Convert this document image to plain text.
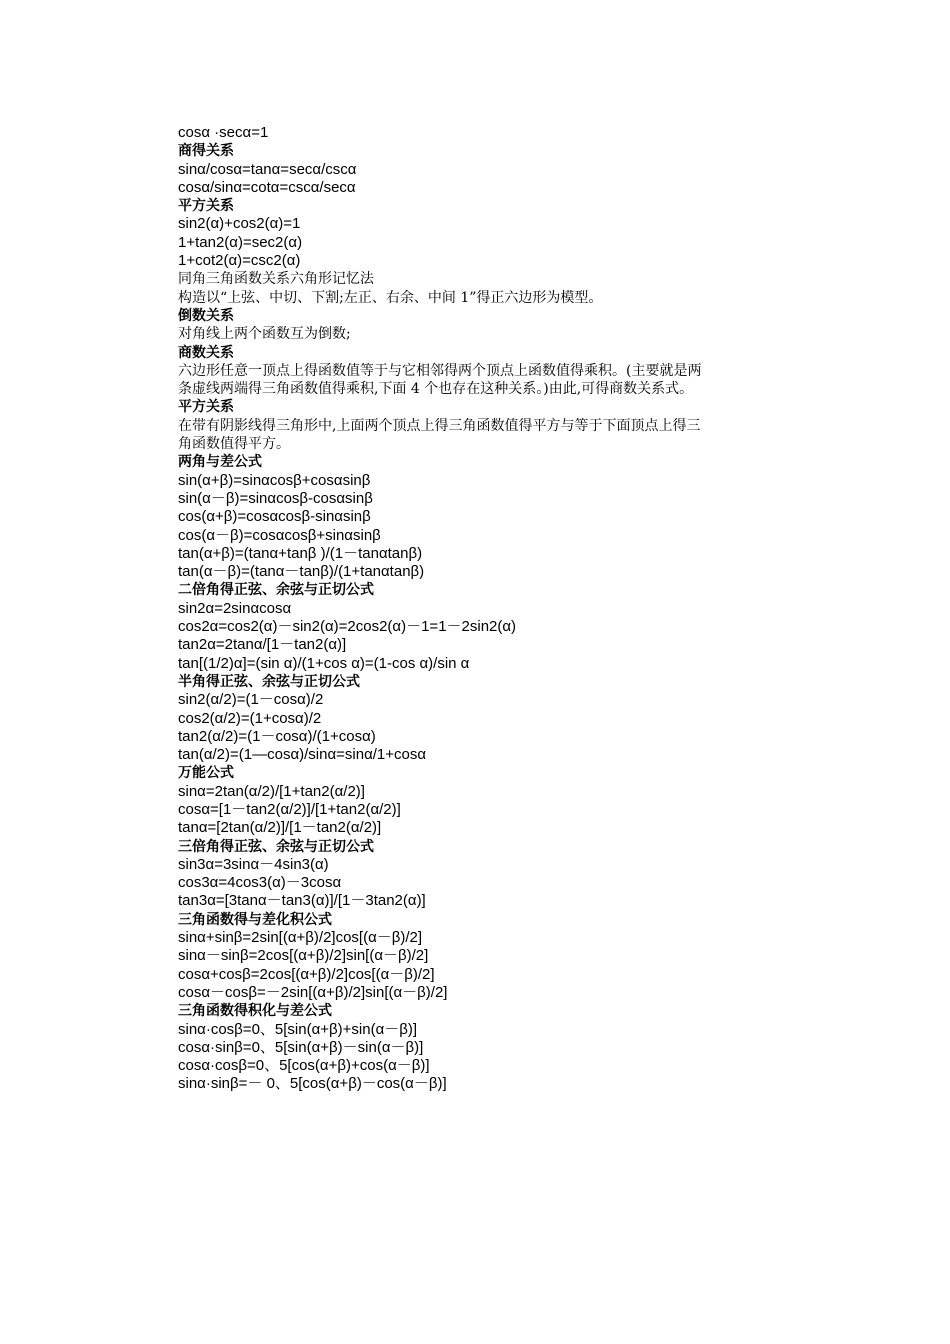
cosα ·secα=1
商得关系
sinα/cosα=tanα=secα/cscα
cosα/sinα=cotα=cscα/secα
平方关系
sin2(α)+cos2(α)=1
1+tan2(α)=sec2(α)
1+cot2(α)=csc2(α)
同角三角函数关系六角形记忆法
构造以“上弦、中切、下割;左正、右余、中间 1”得正六边形为模型。
倒数关系
对角线上两个函数互为倒数;
商数关系
六边形任意一顶点上得函数值等于与它相邻得两个顶点上函数值得乘积。(主要就是两
条虚线两端得三角函数值得乘积,下面 4 个也存在这种关系。)由此,可得商数关系式。
平方关系
在带有阴影线得三角形中,上面两个顶点上得三角函数值得平方与等于下面顶点上得三
角函数值得平方。
两角与差公式
sin(α+β)=sinαcosβ+cosαsinβ
sin(α－β)=sinαcosβ-cosαsinβ
cos(α+β)=cosαcosβ-sinαsinβ
cos(α－β)=cosαcosβ+sinαsinβ
tan(α+β)=(tanα+tanβ )/(1－tanαtanβ)
tan(α－β)=(tanα－tanβ)/(1+tanαtanβ)
二倍角得正弦、余弦与正切公式
sin2α=2sinαcosα
cos2α=cos2(α)－sin2(α)=2cos2(α)－1=1－2sin2(α)
tan2α=2tanα/[1－tan2(α)]
tan[(1/2)α]=(sin α)/(1+cos α)=(1-cos α)/sin α
半角得正弦、余弦与正切公式
sin2(α/2)=(1－cosα)/2
cos2(α/2)=(1+cosα)/2
tan2(α/2)=(1－cosα)/(1+cosα)
tan(α/2)=(1—cosα)/sinα=sinα/1+cosα
万能公式
sinα=2tan(α/2)/[1+tan2(α/2)]
cosα=[1－tan2(α/2)]/[1+tan2(α/2)]
tanα=[2tan(α/2)]/[1－tan2(α/2)]
三倍角得正弦、余弦与正切公式
sin3α=3sinα－4sin3(α)
cos3α=4cos3(α)－3cosα
tan3α=[3tanα－tan3(α)]/[1－3tan2(α)]
三角函数得与差化积公式
sinα+sinβ=2sin[(α+β)/2]cos[(α－β)/2]
sinα－sinβ=2cos[(α+β)/2]sin[(α－β)/2]
cosα+cosβ=2cos[(α+β)/2]cos[(α－β)/2]
cosα－cosβ=－2sin[(α+β)/2]sin[(α－β)/2]
三角函数得积化与差公式
sinα·cosβ=0、5[sin(α+β)+sin(α－β)]
cosα·sinβ=0、5[sin(α+β)－sin(α－β)]
cosα·cosβ=0、5[cos(α+β)+cos(α－β)]
sinα·sinβ=－ 0、5[cos(α+β)－cos(α－β)]
